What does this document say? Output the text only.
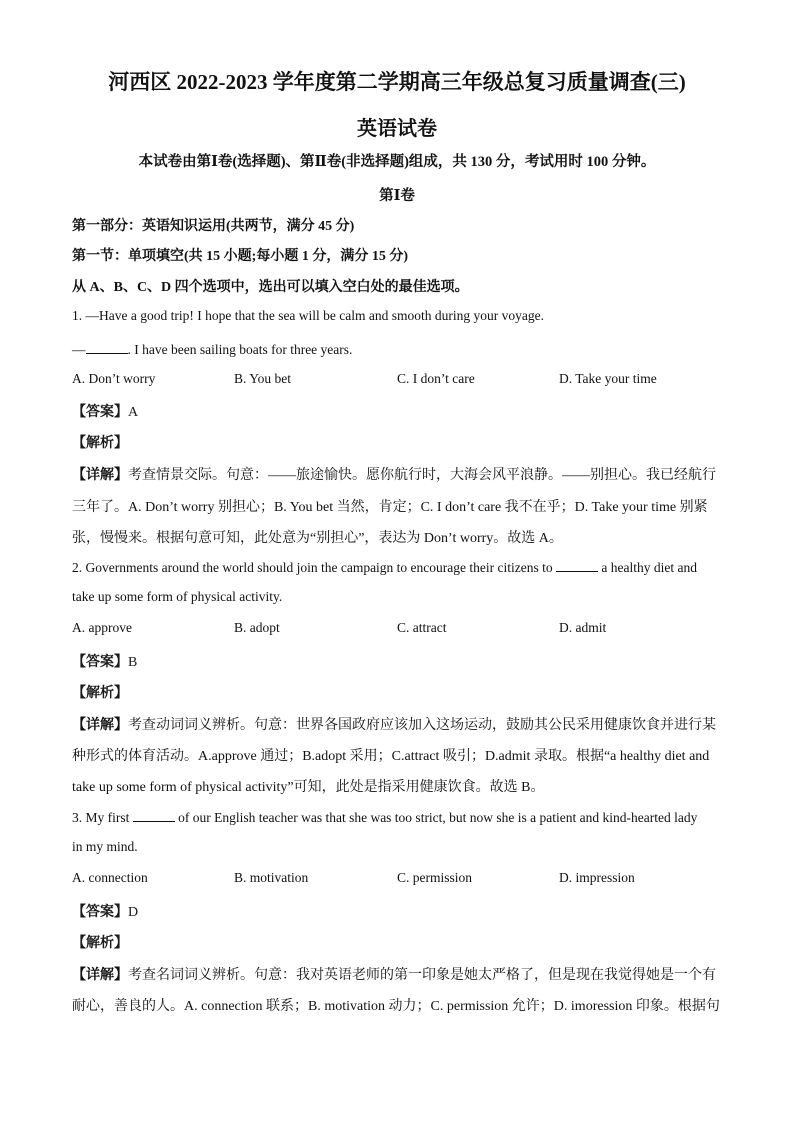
河西区 2022-2023 学年度第二学期高三年级总复习质量调查(三)
英语试卷
本试卷由第Ⅰ卷(选择题)、第Ⅱ卷(非选择题)组成，共 130 分，考试用时 100 分钟。
第Ⅰ卷
第一部分：英语知识运用(共两节，满分 45 分)
第一节：单项填空(共 15 小题;每小题 1 分，满分 15 分)
从 A、B、C、D 四个选项中，选出可以填入空白处的最佳选项。
1. —Have a good trip! I hope that the sea will be calm and smooth during your voyage.
—	. I have been sailing boats for three years.
A. Don’t worry	B. You bet	C. I don’t care	D. Take your time
【答案】A
【解析】
【详解】考查情景交际。句意：——旅途愉快。愿你航行时，大海会风平浪静。——别担心。我已经航行
三年了。A. Don’t worry 别担心；B. You bet 当然，肯定；C. I don’t care 我不在乎；D. Take your time 别紧
张，慢慢来。根据句意可知，此处意为“别担心”，表达为 Don’t worry。故选 A。
2. Governments around the world should join the campaign to encourage their citizens to	a healthy diet and
take up some form of physical activity.
A. approve	B. adopt	C. attract	D. admit
【答案】B
【解析】
【详解】考查动词词义辨析。句意：世界各国政府应该加入这场运动，鼓励其公民采用健康饮食并进行某
种形式的体育活动。A.approve 通过；B.adopt 采用；C.attract 吸引；D.admit 录取。根据“a healthy diet and
take up some form of physical activity”可知，此处是指采用健康饮食。故选 B。
3. My first	of our English teacher was that she was too strict, but now she is a patient and kind-hearted lady
in my mind.
A. connection	B. motivation	C. permission	D. impression
【答案】D
【解析】
【详解】考查名词词义辨析。句意：我对英语老师的第一印象是她太严格了，但是现在我觉得她是一个有
耐心，善良的人。A. connection 联系；B. motivation 动力；C. permission 允许；D. imoression 印象。根据句
